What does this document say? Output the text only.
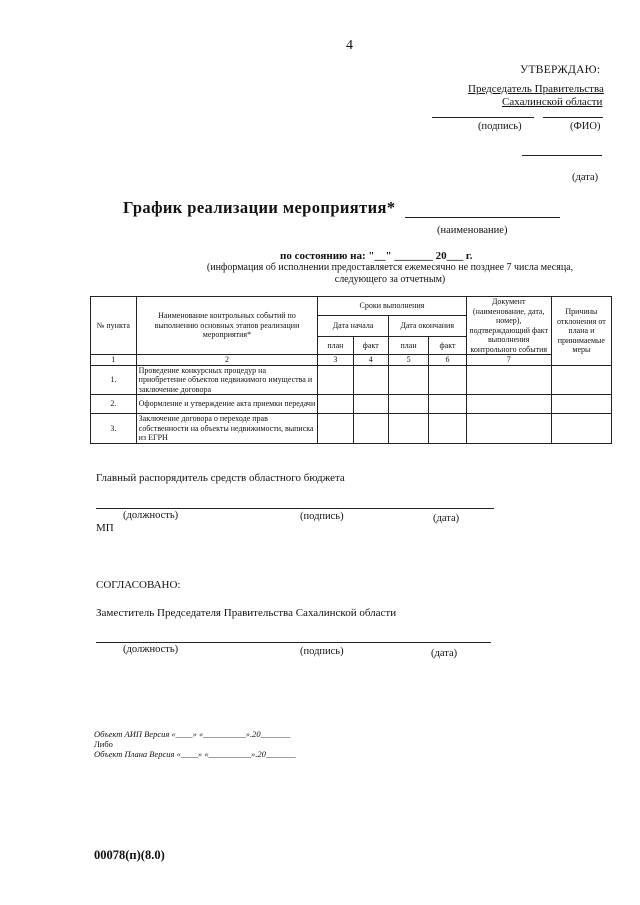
4
УТВЕРЖДАЮ:
Председатель Правительства
Сахалинской области
(подпись)	(ФИО)
(дата)
График реализации мероприятия*
(наименование)
по состоянию на: "__" _______ 20___ г.
(информация об исполнении предоставляется ежемесячно не позднее 7 числа месяца,
следующего за отчетным)
№ пункта	Наименование контрольных событий по выполнению основных этапов реализации мероприятия*	Сроки выполнения				Документ (наименование, дата, номер), подтверждающий факт выполнения контрольного события	Причины отклонения от плана и принимаемые меры
		Дата начала		Дата окончания			
		план	факт	план	факт		
1	2	3	4	5	6	7	
1.	Проведение конкурсных процедур на приобретение объектов недвижимого имущества и заключение договора						
2.	Оформление и утверждение акта приемки передачи						
3.	Заключение договора о переходе прав собственности на объекты недвижимости, выписка из ЕГРН						
Главный распорядитель средств областного бюджета
(должность)	(подпись)	(дата)
МП
СОГЛАСОВАНО:
Заместитель Председателя Правительства Сахалинской области
(должность)	(подпись)	(дата)
Объект АИП Версия «____» «__________».20_______
Либо
Объект Плана Версия «____» «__________».20_______
00078(п)(8.0)
